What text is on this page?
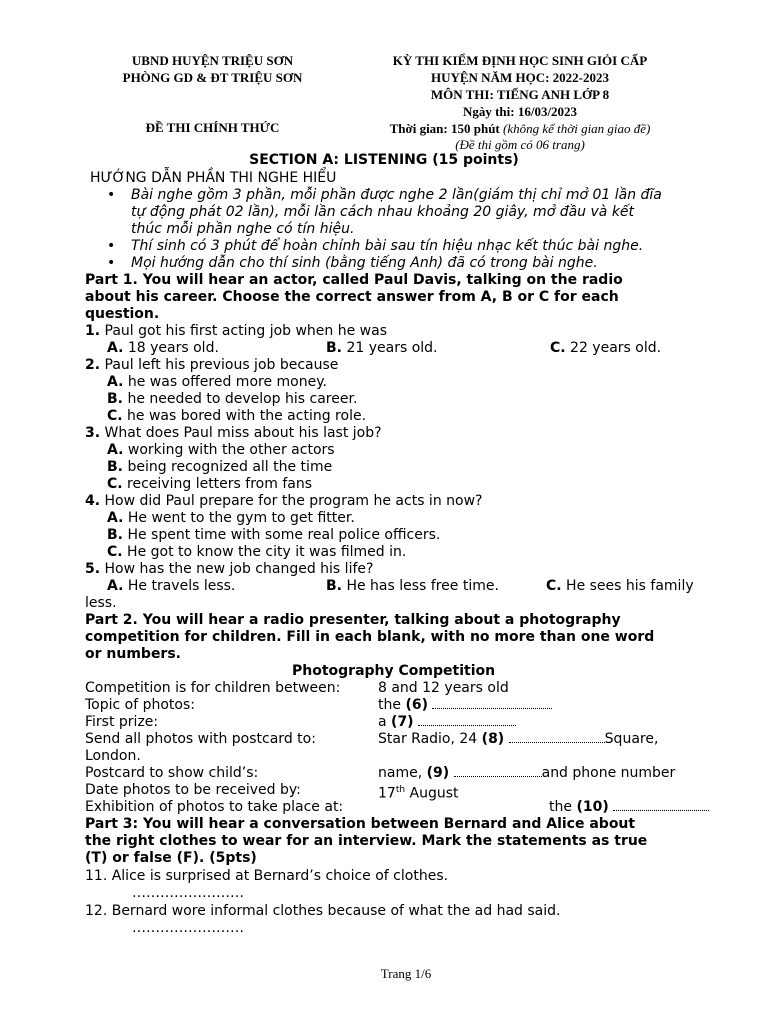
UBND HUYỆN TRIỆU SƠN
PHÒNG GD & ĐT TRIỆU SƠN
ĐỀ THI CHÍNH THỨC
KỲ THI KIỂM ĐỊNH HỌC SINH GIỎI CẤP
HUYỆN NĂM HỌC: 2022-2023
MÔN THI: TIẾNG ANH LỚP 8
Ngày thi: 16/03/2023
Thời gian: 150 phút (không kể thời gian giao đề)
(Đề thi gồm có 06 trang)
SECTION A: LISTENING (15 points)
HƯỚNG DẪN PHẦN THI NGHE HIỂU
• Bài nghe gồm 3 phần, mỗi phần được nghe 2 lần(giám thị chỉ mở 01 lần đĩa
tự động phát 02 lần), mỗi lần cách nhau khoảng 20 giây, mở đầu và kết
thúc mỗi phần nghe có tín hiệu.
• Thí sinh có 3 phút để hoàn chỉnh bài sau tín hiệu nhạc kết thúc bài nghe.
• Mọi hướng dẫn cho thí sinh (bằng tiếng Anh) đã có trong bài nghe.
Part 1. You will hear an actor, called Paul Davis, talking on the radio
about his career. Choose the correct answer from A, B or C for each
question.
1. Paul got his first acting job when he was
A. 18 years old.	B. 21 years old.	C. 22 years old.
2. Paul left his previous job because
A. he was offered more money.
B. he needed to develop his career.
C. he was bored with the acting role.
3. What does Paul miss about his last job?
A. working with the other actors
B. being recognized all the time
C. receiving letters from fans
4. How did Paul prepare for the program he acts in now?
A. He went to the gym to get fitter.
B. He spent time with some real police officers.
C. He got to know the city it was filmed in.
5. How has the new job changed his life?
A. He travels less.	B. He has less free time.	C. He sees his family
less.
Part 2. You will hear a radio presenter, talking about a photography
competition for children. Fill in each blank, with no more than one word
or numbers.
Photography Competition
Competition is for children between:	8 and 12 years old
Topic of photos:	the (6)
First prize:	a (7)
Send all photos with postcard to:	Star Radio, 24 (8)	Square,
London.
Postcard to show child’s:	name, (9)	and phone number
Date photos to be received by:	17th August
Exhibition of photos to take place at:	the (10)
Part 3: You will hear a conversation between Bernard and Alice about
the right clothes to wear for an interview. Mark the statements as true
(T) or false (F). (5pts)
11. Alice is surprised at Bernard’s choice of clothes.
……………………
12. Bernard wore informal clothes because of what the ad had said.
……………………
Trang 1/6
